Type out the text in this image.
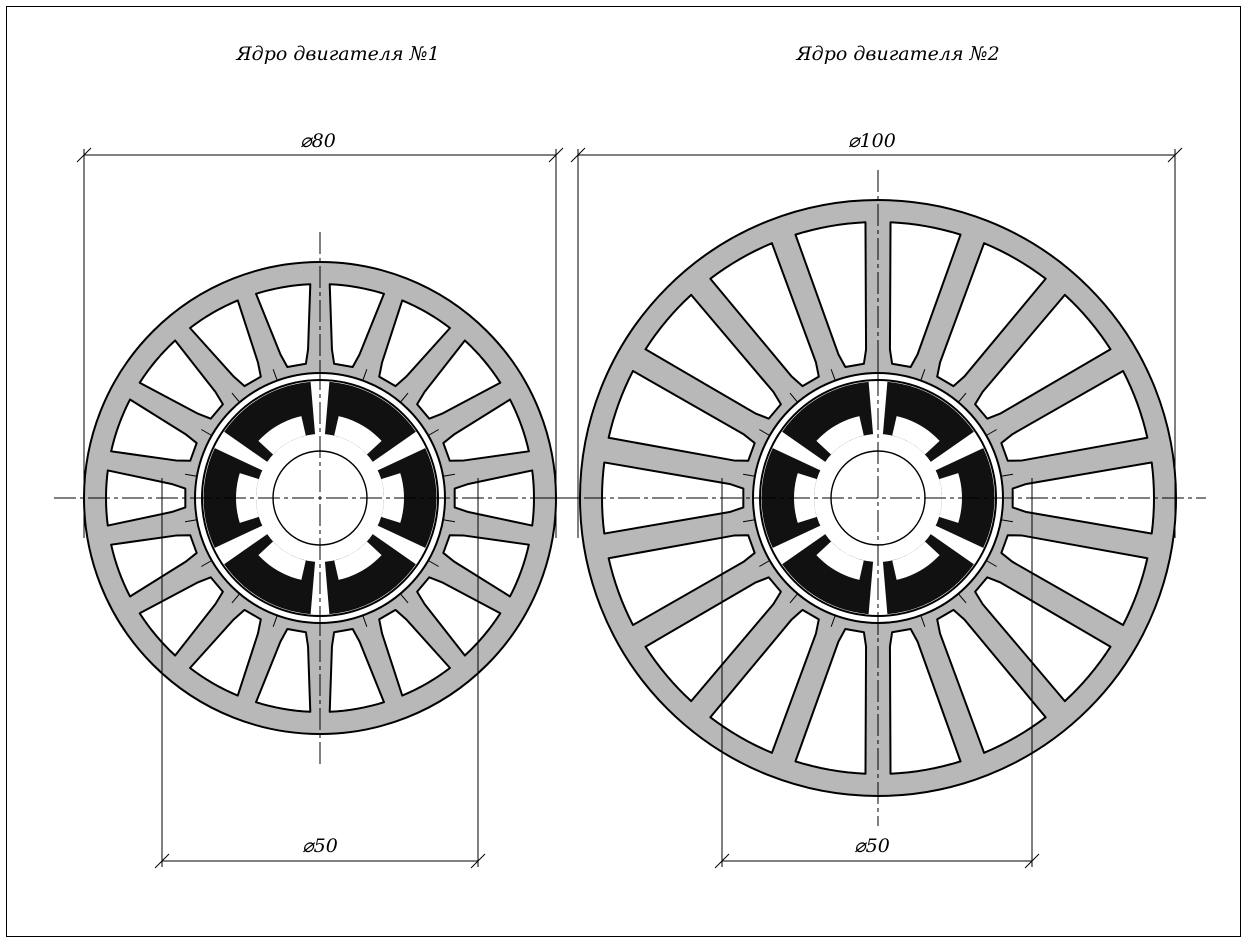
Ядро двигателя №1	Ядро двигателя №2
⌀80
⌀50
⌀100
⌀50
